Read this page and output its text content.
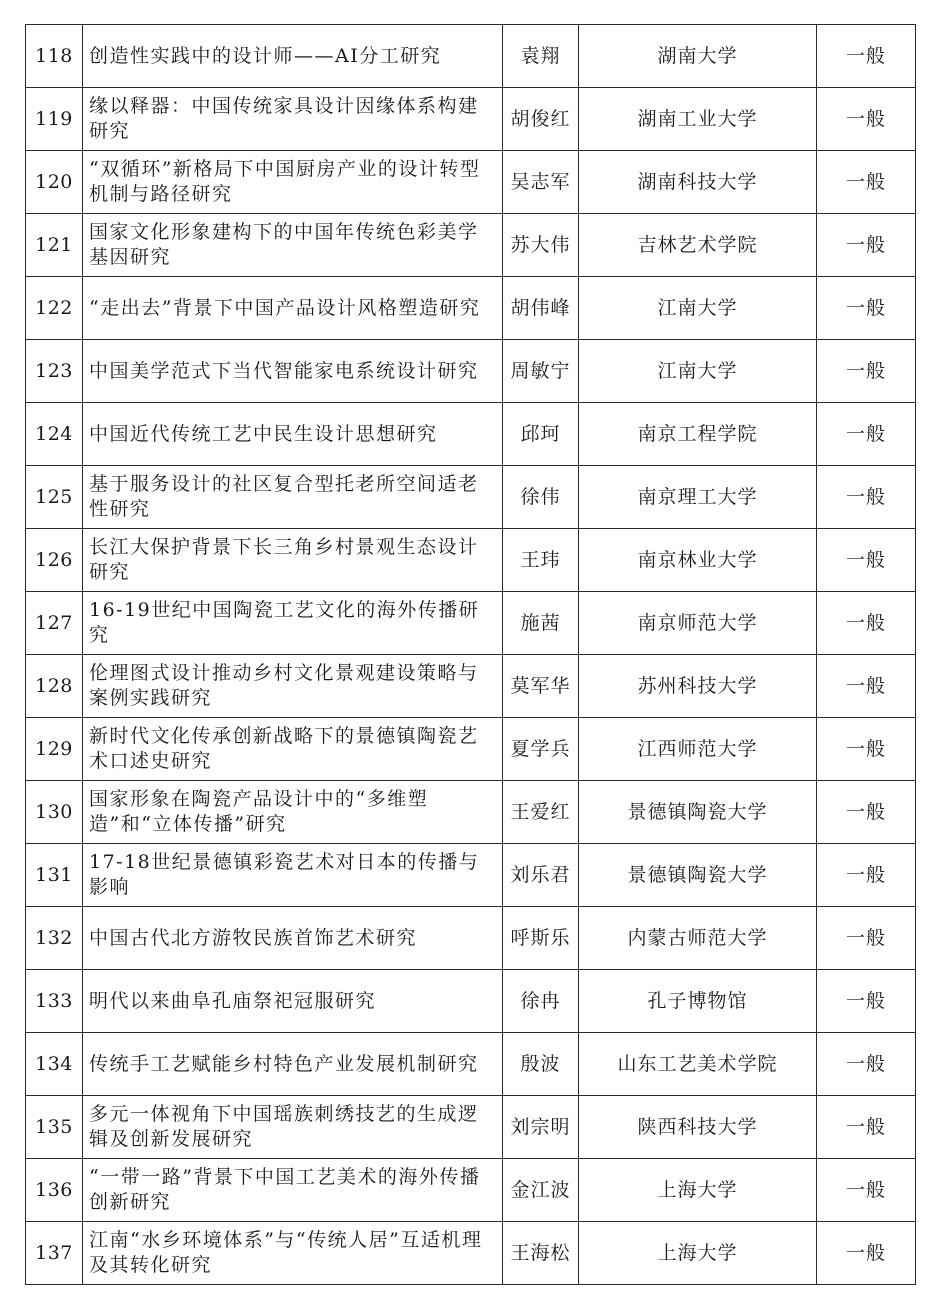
118	创造性实践中的设计师——AI分工研究	袁翔	湖南大学	一般
119	缘以释器：中国传统家具设计因缘体系构建研究	胡俊红	湖南工业大学	一般
120	“双循环”新格局下中国厨房产业的设计转型机制与路径研究	吴志军	湖南科技大学	一般
121	国家文化形象建构下的中国年传统色彩美学基因研究	苏大伟	吉林艺术学院	一般
122	“走出去”背景下中国产品设计风格塑造研究	胡伟峰	江南大学	一般
123	中国美学范式下当代智能家电系统设计研究	周敏宁	江南大学	一般
124	中国近代传统工艺中民生设计思想研究	邱珂	南京工程学院	一般
125	基于服务设计的社区复合型托老所空间适老性研究	徐伟	南京理工大学	一般
126	长江大保护背景下长三角乡村景观生态设计研究	王玮	南京林业大学	一般
127	16-19世纪中国陶瓷工艺文化的海外传播研究	施茜	南京师范大学	一般
128	伦理图式设计推动乡村文化景观建设策略与案例实践研究	莫军华	苏州科技大学	一般
129	新时代文化传承创新战略下的景德镇陶瓷艺术口述史研究	夏学兵	江西师范大学	一般
130	国家形象在陶瓷产品设计中的“多维塑造”和“立体传播”研究	王爱红	景德镇陶瓷大学	一般
131	17-18世纪景德镇彩瓷艺术对日本的传播与影响	刘乐君	景德镇陶瓷大学	一般
132	中国古代北方游牧民族首饰艺术研究	呼斯乐	内蒙古师范大学	一般
133	明代以来曲阜孔庙祭祀冠服研究	徐冉	孔子博物馆	一般
134	传统手工艺赋能乡村特色产业发展机制研究	殷波	山东工艺美术学院	一般
135	多元一体视角下中国瑶族刺绣技艺的生成逻辑及创新发展研究	刘宗明	陕西科技大学	一般
136	“一带一路”背景下中国工艺美术的海外传播创新研究	金江波	上海大学	一般
137	江南“水乡环境体系”与“传统人居”互适机理及其转化研究	王海松	上海大学	一般
